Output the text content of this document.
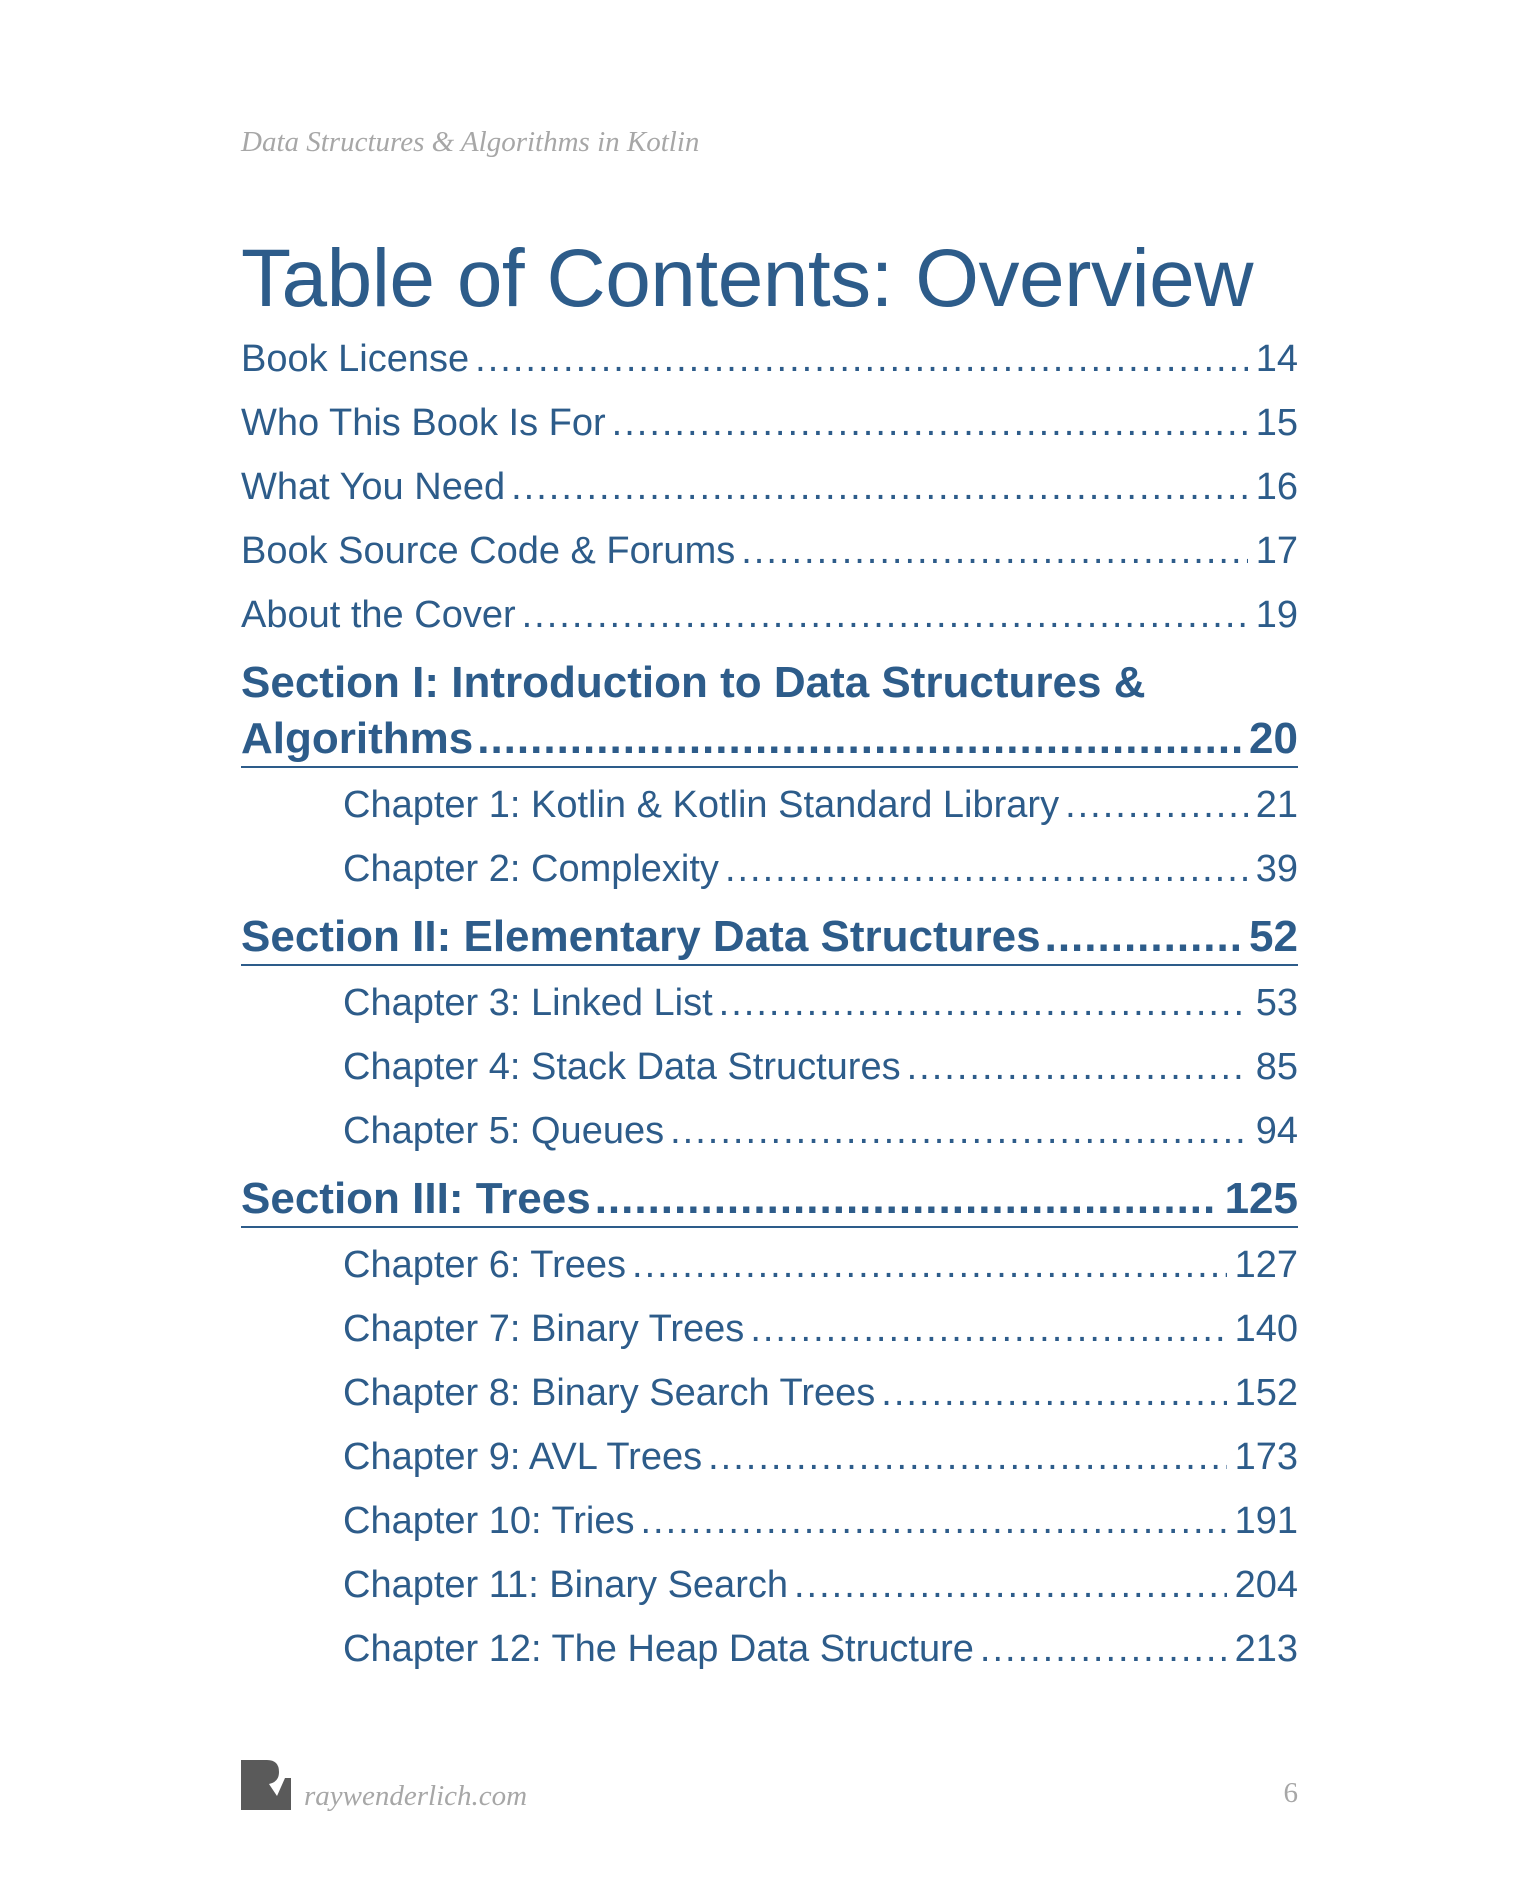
Data Structures & Algorithms in Kotlin
Table of Contents: Overview
Book License .....	14
Who This Book Is For .....	15
What You Need .....	16
Book Source Code & Forums .....	17
About the Cover .....	19
Section I: Introduction to Data Structures &
Algorithms .....	20
Chapter 1: Kotlin & Kotlin Standard Library .....	21
Chapter 2: Complexity .....	39
Section II: Elementary Data Structures .....	52
Chapter 3: Linked List .....	53
Chapter 4: Stack Data Structures .....	85
Chapter 5: Queues .....	94
Section III: Trees .....	125
Chapter 6: Trees .....	127
Chapter 7: Binary Trees .....	140
Chapter 8: Binary Search Trees .....	152
Chapter 9: AVL Trees .....	173
Chapter 10: Tries .....	191
Chapter 11: Binary Search .....	204
Chapter 12: The Heap Data Structure .....	213
raywenderlich.com	6
